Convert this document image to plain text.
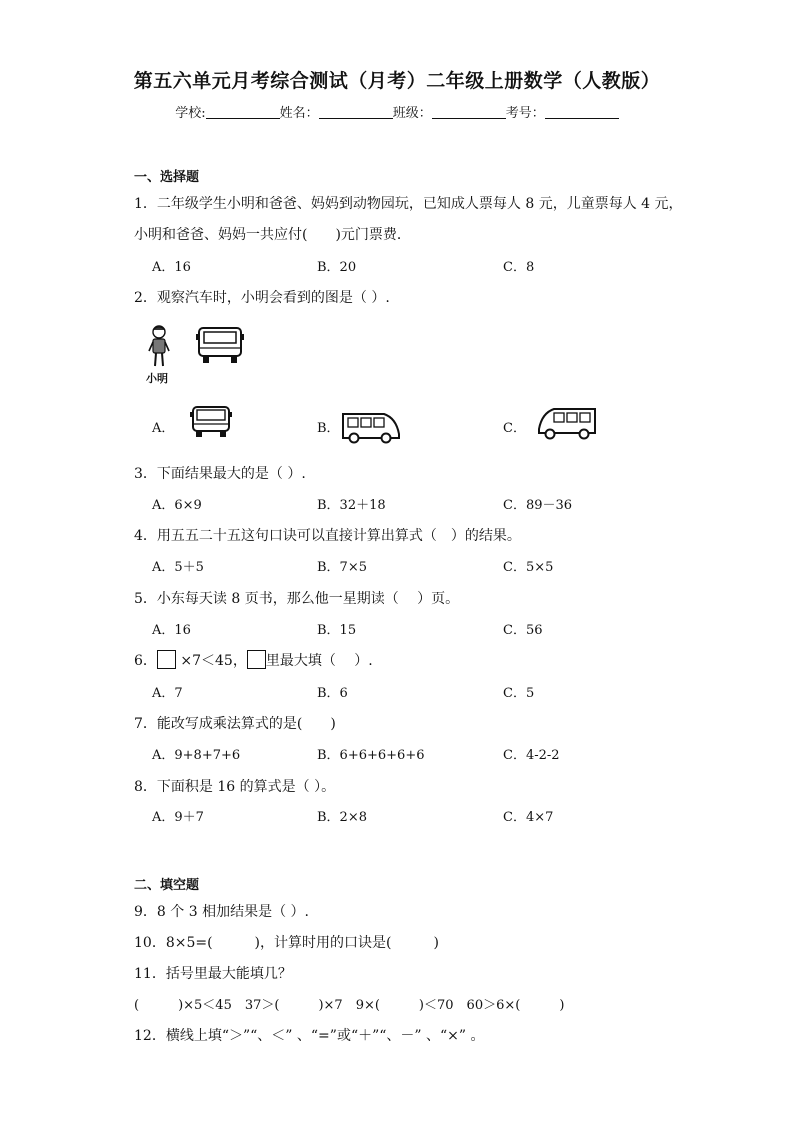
第五六单元月考综合测试（月考）二年级上册数学（人教版）
学校:	姓名：	班级：	考号：
一、选择题
1．二年级学生小明和爸爸、妈妈到动物园玩，已知成人票每人 8 元，儿童票每人 4 元，
小明和爸爸、妈妈一共应付(　　)元门票费．
A．16	B．20	C．8
2．观察汽车时，小明会看到的图是（ ）.
小明
A．	B．	C．
3．下面结果最大的是（ ）.
A．6×9	B．32＋18	C．89－36
4．用五五二十五这句口诀可以直接计算出算式（　）的结果。
A．5＋5	B．7×5	C．5×5
5．小东每天读 8 页书，那么他一星期读（　 ）页。
A．16	B．15	C．56
6． ×7＜45， 里最大填（　 ）.
A．7	B．6	C．5
7．能改写成乘法算式的是(　　)
A．9+8+7+6	B．6+6+6+6+6	C．4-2-2
8．下面积是 16 的算式是（ ）。
A．9＋7	B．2×8	C．4×7
二、填空题
9．8 个 3 相加结果是（ ）.
10．8×5=(　　　)，计算时用的口诀是(　　　)
11．括号里最大能填几？
(　　　)×5＜45　37＞(　　　)×7　9×(　　　)＜70　60＞6×(　　　)
12．横线上填“＞”“、＜” 、“=”或“＋”“、－” 、“×” 。
